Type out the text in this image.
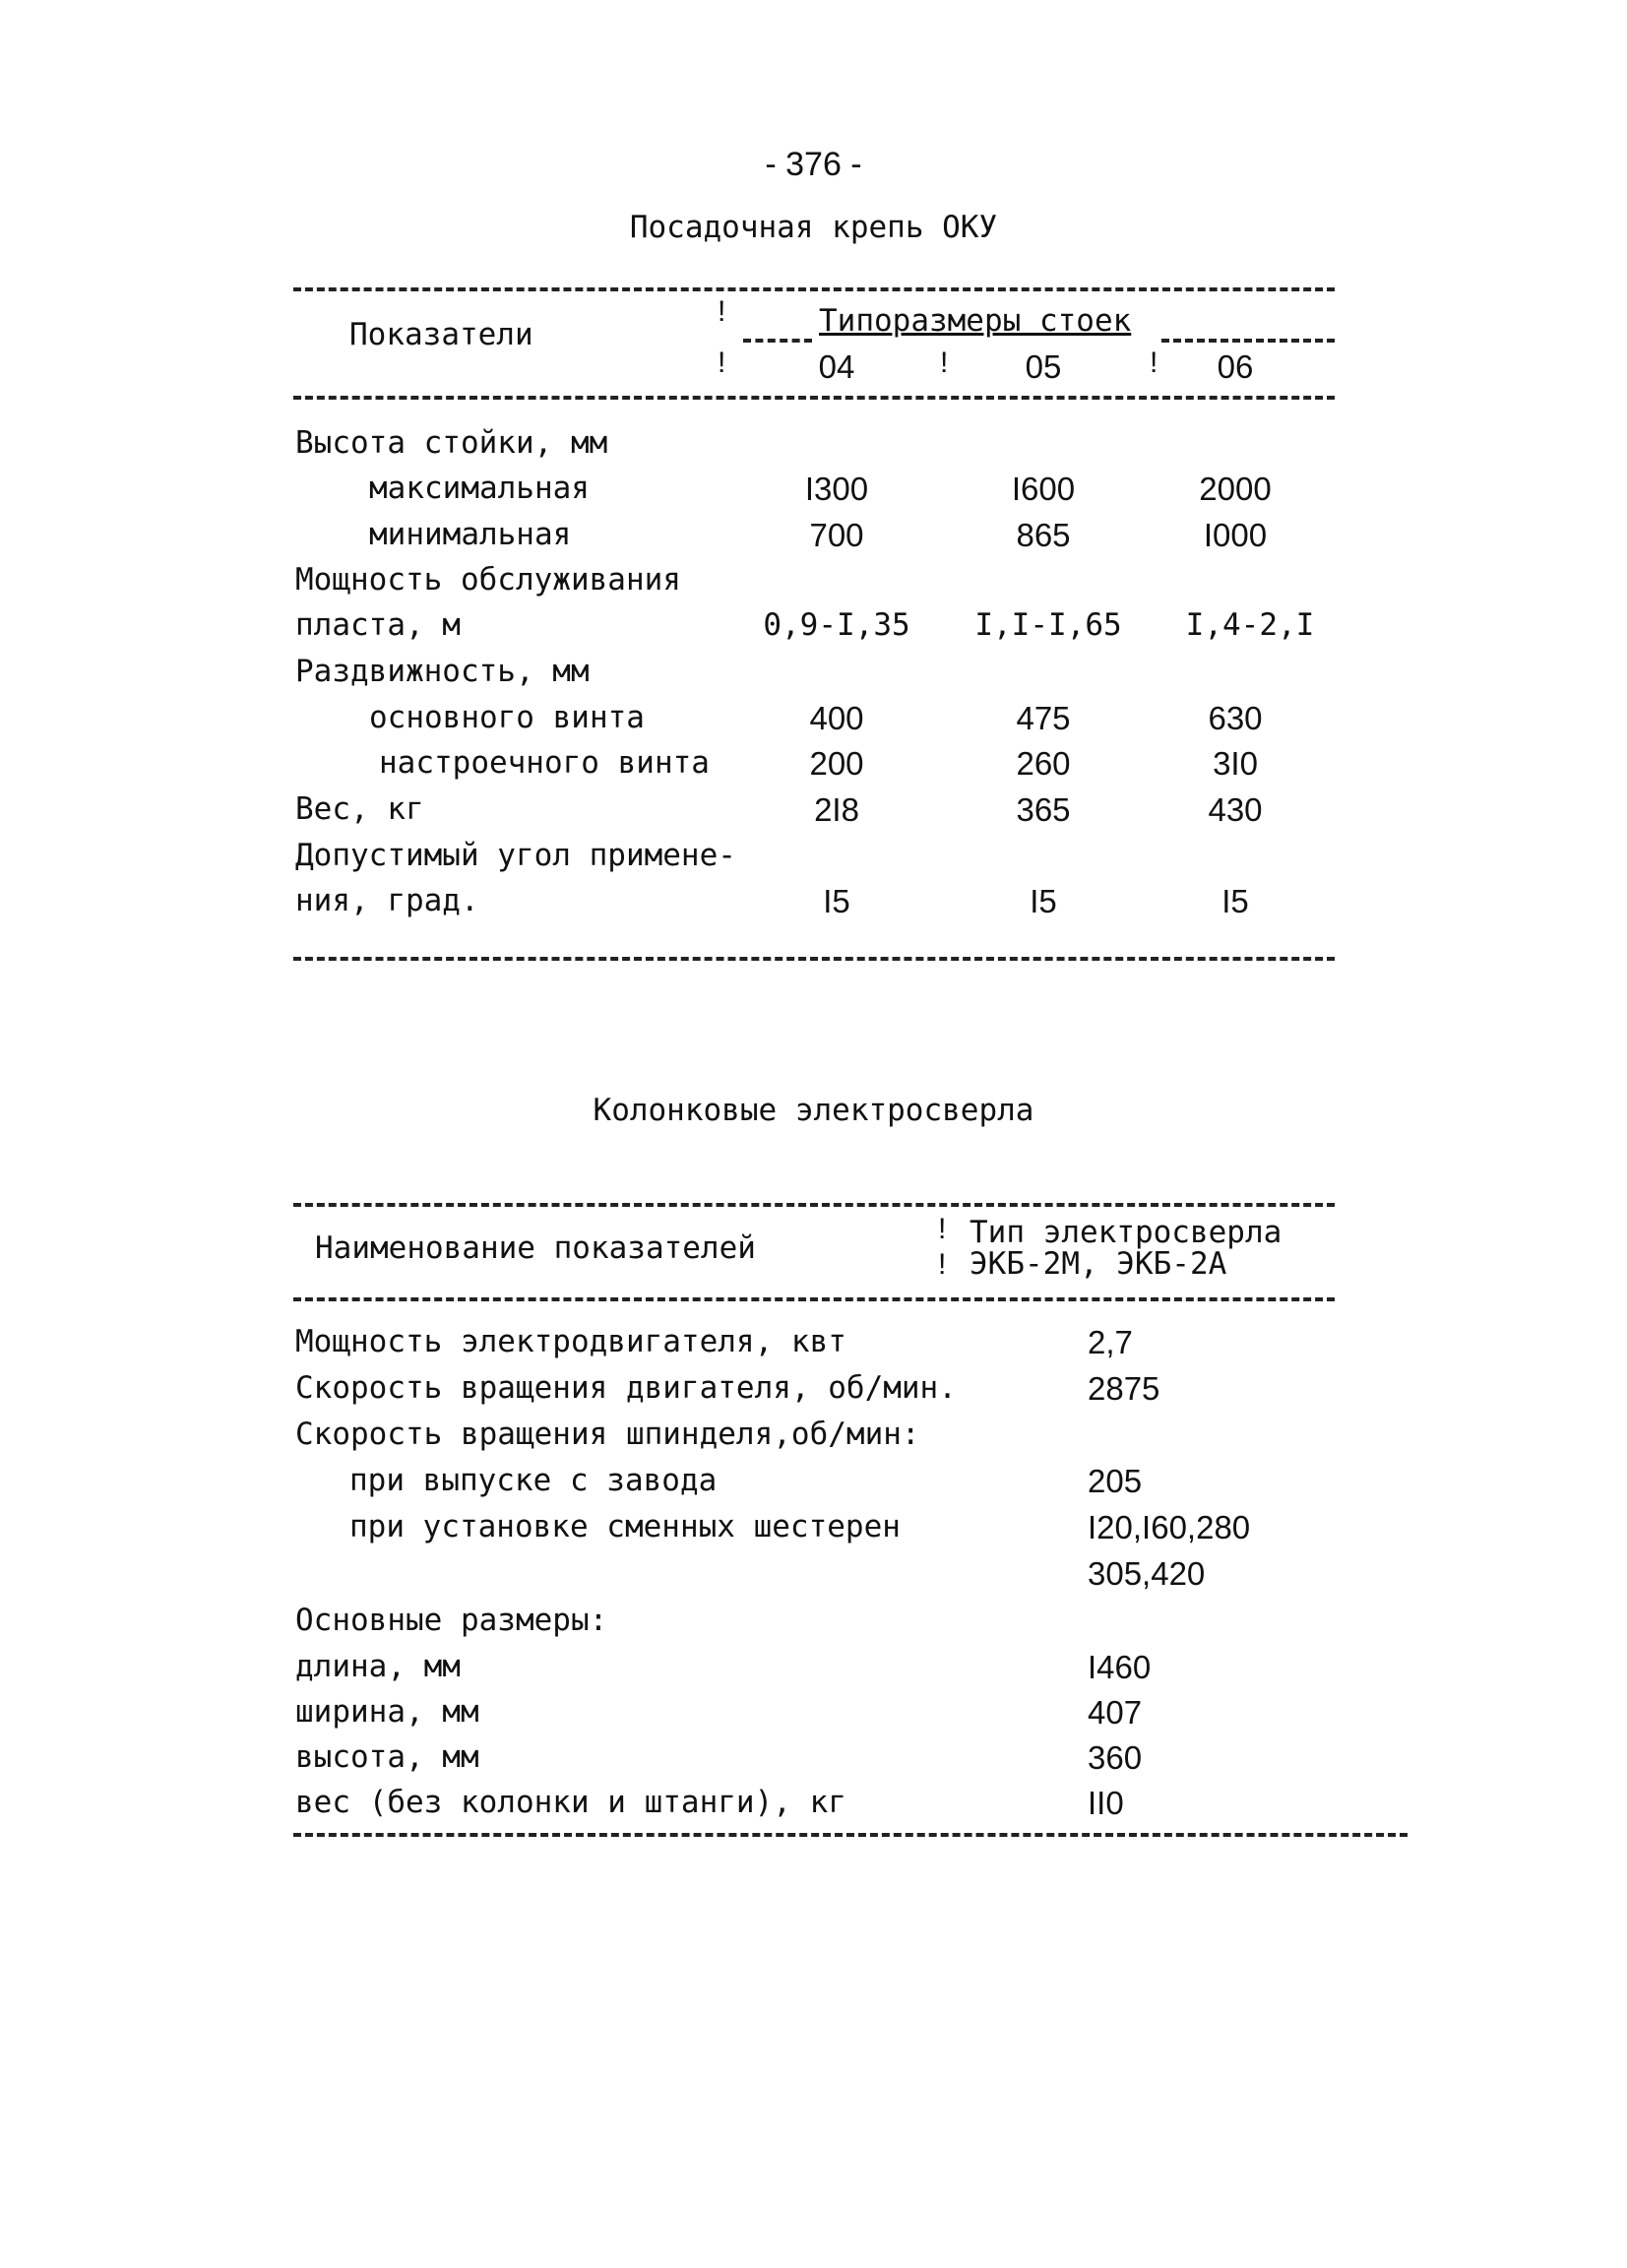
- 376 -
Посадочная крепь ОКУ
Показатели
!
!
Типоразмеры стоек
04	!	05	!	06
Высота стойки, мм
максимальная	I300	I600	2000
минимальная	700	865	I000
Мощность обслуживания
пласта, м	0,9-I,35	I,I-I,65	I,4-2,I
Раздвижность, мм
основного винта	400	475	630
настроечного винта	200	260	3I0
Вес, кг	2I8	365	430
Допустимый угол примене-
ния, град.	I5	I5	I5
Колонковые электросверла
Наименование показателей
!
!
Тип электросверла
ЭКБ-2М, ЭКБ-2А
Мощность электродвигателя, квт	2,7
Скорость вращения двигателя, об/мин.	2875
Скорость вращения шпинделя,об/мин:
при выпуске с завода	205
при установке сменных шестерен	I20,I60,280
305,420
Основные размеры:
длина, мм	I460
ширина, мм	407
высота, мм	360
вес (без колонки и штанги), кг	II0
